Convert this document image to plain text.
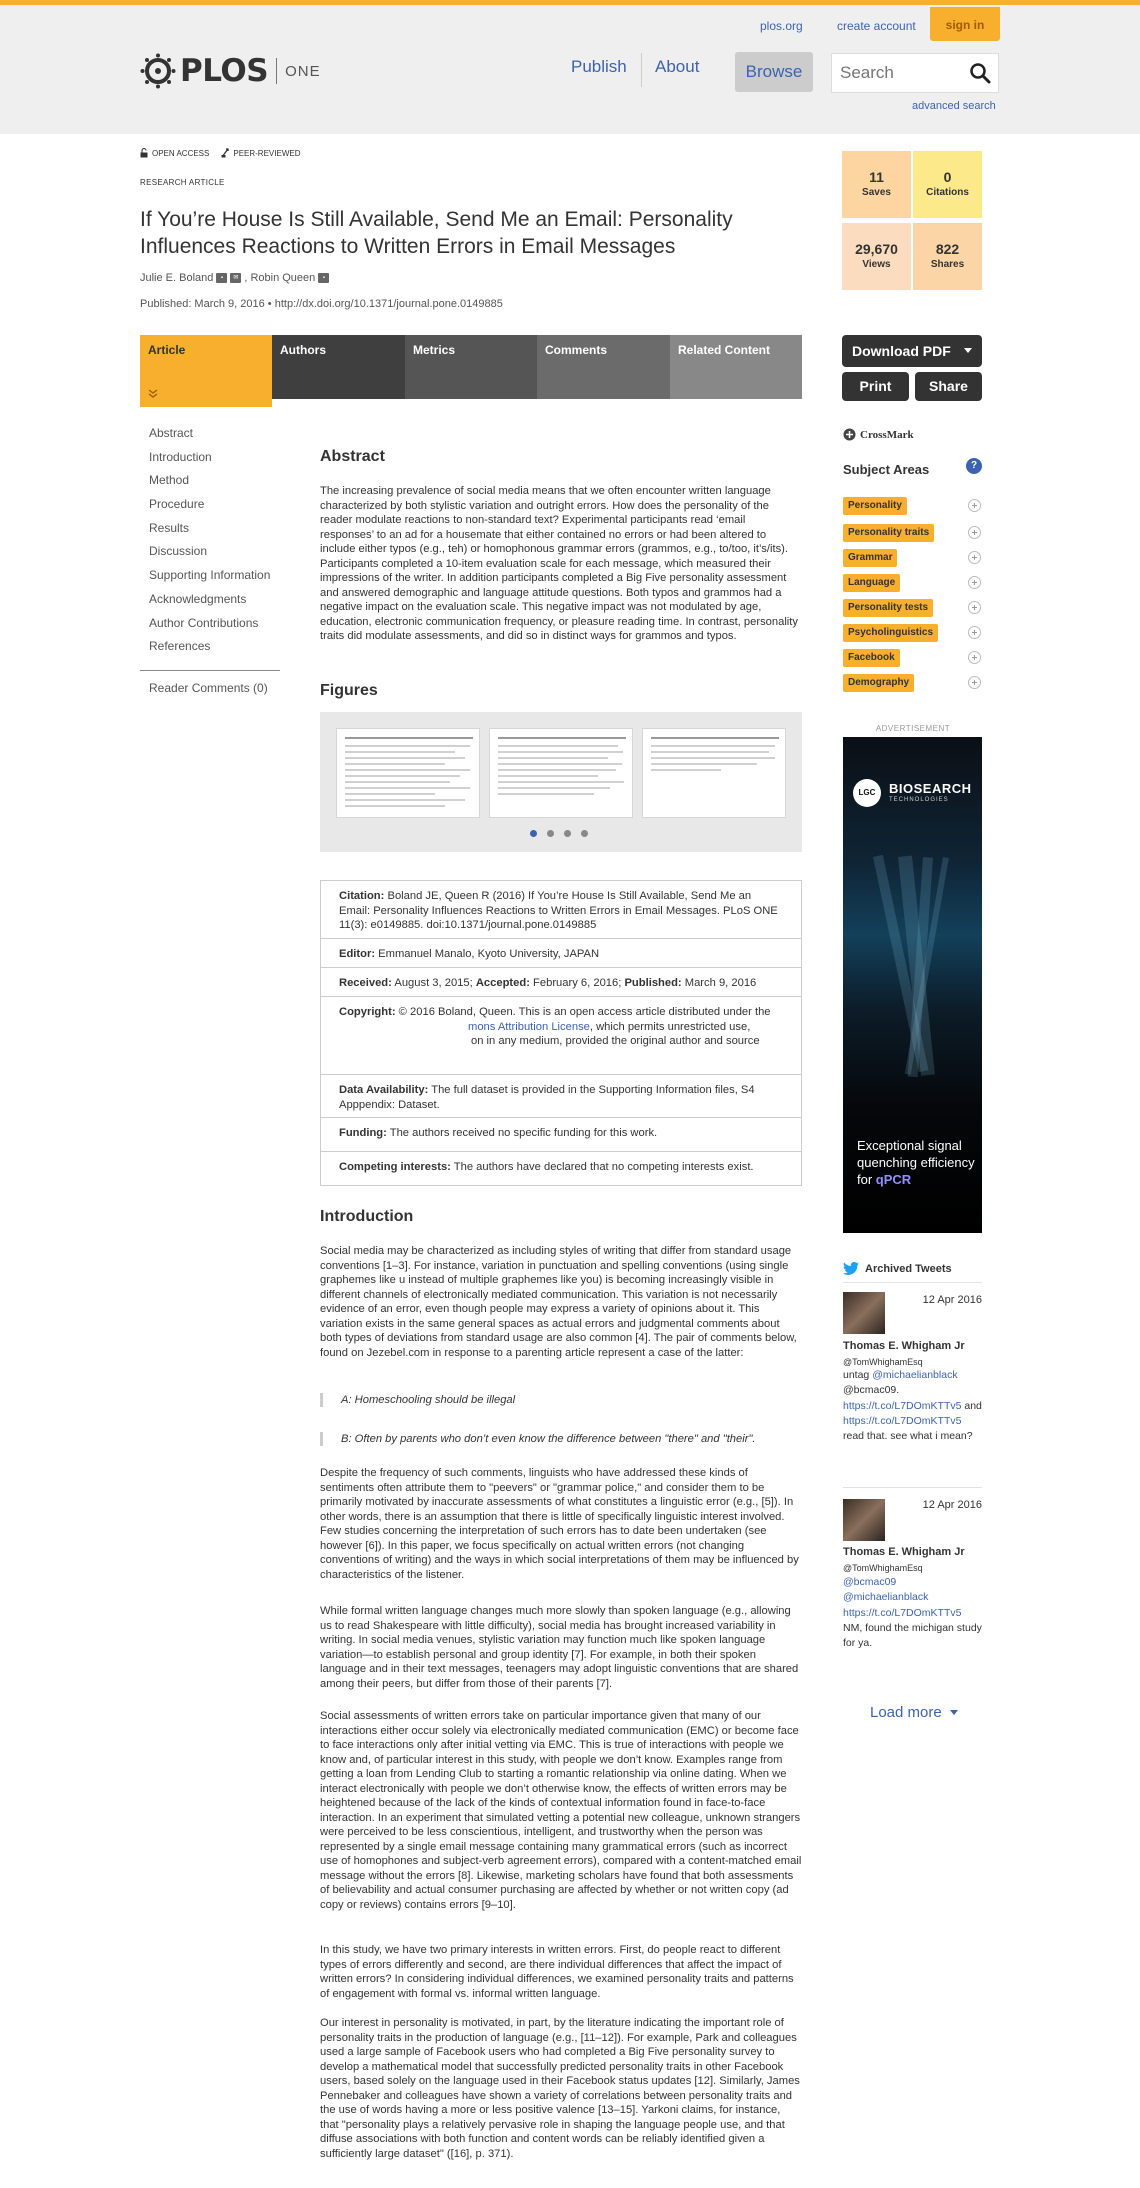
plos.org	create account	sign in
PLOS ONE	Publish About	Browse
Search
advanced search
OPEN ACCESS	PEER-REVIEWED
RESEARCH ARTICLE
If You’re House Is Still Available, Send Me an Email: Personality Influences Reactions to Written Errors in Email Messages
Julie E. Boland	▪	✉ , Robin Queen	▪
Published: March 9, 2016 • http://dx.doi.org/10.1371/journal.pone.0149885
11
Saves
0
Citations
29,670
Views
822
Shares
Article	Authors	Metrics	Comments	Related Content	Download PDF
Print	Share
Abstract
Introduction
Method
Procedure
Results
Discussion
Supporting Information
Acknowledgments
Author Contributions
References
Reader Comments (0)
Abstract
The increasing prevalence of social media means that we often encounter written language characterized by both stylistic variation and outright errors. How does the personality of the reader modulate reactions to non-standard text? Experimental participants read ‘email responses’ to an ad for a housemate that either contained no errors or had been altered to include either typos (e.g., teh) or homophonous grammar errors (grammos, e.g., to/too, it’s/its). Participants completed a 10-item evaluation scale for each message, which measured their impressions of the writer. In addition participants completed a Big Five personality assessment and answered demographic and language attitude questions. Both typos and grammos had a negative impact on the evaluation scale. This negative impact was not modulated by age, education, electronic communication frequency, or pleasure reading time. In contrast, personality traits did modulate assessments, and did so in distinct ways for grammos and typos.
Figures
Citation: Boland JE, Queen R (2016) If You’re House Is Still Available, Send Me an Email: Personality Influences Reactions to Written Errors in Email Messages. PLoS ONE 11(3): e0149885. doi:10.1371/journal.pone.0149885
Editor: Emmanuel Manalo, Kyoto University, JAPAN
Received: August 3, 2015; Accepted: February 6, 2016; Published: March 9, 2016
Copyright: © 2016 Boland, Queen. This is an open access article distributed under the
mons Attribution License, which permits unrestricted use,
on in any medium, provided the original author and source
Data Availability: The full dataset is provided in the Supporting Information files, S4 Apppendix: Dataset.
Funding: The authors received no specific funding for this work.
Competing interests: The authors have declared that no competing interests exist.
Introduction
Social media may be characterized as including styles of writing that differ from standard usage conventions [1–3]. For instance, variation in punctuation and spelling conventions (using single graphemes like u instead of multiple graphemes like you) is becoming increasingly visible in different channels of electronically mediated communication. This variation is not necessarily evidence of an error, even though people may express a variety of opinions about it. This variation exists in the same general spaces as actual errors and judgmental comments about both types of deviations from standard usage are also common [4]. The pair of comments below, found on Jezebel.com in response to a parenting article represent a case of the latter:
A: Homeschooling should be illegal
B: Often by parents who don’t even know the difference between "there" and "their".
Despite the frequency of such comments, linguists who have addressed these kinds of sentiments often attribute them to "peevers" or "grammar police," and consider them to be primarily motivated by inaccurate assessments of what constitutes a linguistic error (e.g., [5]). In other words, there is an assumption that there is little of specifically linguistic interest involved. Few studies concerning the interpretation of such errors has to date been undertaken (see however [6]). In this paper, we focus specifically on actual written errors (not changing conventions of writing) and the ways in which social interpretations of them may be influenced by characteristics of the listener.
While formal written language changes much more slowly than spoken language (e.g., allowing us to read Shakespeare with little difficulty), social media has brought increased variability in writing. In social media venues, stylistic variation may function much like spoken language variation—to establish personal and group identity [7]. For example, in both their spoken language and in their text messages, teenagers may adopt linguistic conventions that are shared among their peers, but differ from those of their parents [7].
Social assessments of written errors take on particular importance given that many of our interactions either occur solely via electronically mediated communication (EMC) or become face to face interactions only after initial vetting via EMC. This is true of interactions with people we know and, of particular interest in this study, with people we don’t know. Examples range from getting a loan from Lending Club to starting a romantic relationship via online dating. When we interact electronically with people we don’t otherwise know, the effects of written errors may be heightened because of the lack of the kinds of contextual information found in face-to-face interaction. In an experiment that simulated vetting a potential new colleague, unknown strangers were perceived to be less conscientious, intelligent, and trustworthy when the person was represented by a single email message containing many grammatical errors (such as incorrect use of homophones and subject-verb agreement errors), compared with a content-matched email message without the errors [8]. Likewise, marketing scholars have found that both assessments of believability and actual consumer purchasing are affected by whether or not written copy (ad copy or reviews) contains errors [9–10].
In this study, we have two primary interests in written errors. First, do people react to different types of errors differently and second, are there individual differences that affect the impact of written errors? In considering individual differences, we examined personality traits and patterns of engagement with formal vs. informal written language.
Our interest in personality is motivated, in part, by the literature indicating the important role of personality traits in the production of language (e.g., [11–12]). For example, Park and colleagues used a large sample of Facebook users who had completed a Big Five personality survey to develop a mathematical model that successfully predicted personality traits in other Facebook users, based solely on the language used in their Facebook status updates [12]. Similarly, James Pennebaker and colleagues have shown a variety of correlations between personality traits and the use of words having a more or less positive valence [13–15]. Yarkoni claims, for instance, that "personality plays a relatively pervasive role in shaping the language people use, and that diffuse associations with both function and content words can be reliably identified given a sufficiently large dataset" ([16], p. 371).
CrossMark
Subject Areas	?
Personality
Personality traits
Grammar
Language
Personality tests
Psycholinguistics
Facebook
Demography
ADVERTISEMENT
LGC	BIOSEARCH
TECHNOLOGIES
Exceptional signal quenching efficiency for qPCR
Archived Tweets
12 Apr 2016
Thomas E. Whigham Jr
@TomWhighamEsq
untag @michaelianblack
@bcmac09.
https://t.co/L7DOmKTTv5 and
https://t.co/L7DOmKTTv5
read that. see what i mean?
12 Apr 2016
Thomas E. Whigham Jr
@TomWhighamEsq
@bcmac09
@michaelianblack
https://t.co/L7DOmKTTv5
NM, found the michigan study for ya.
Load more
